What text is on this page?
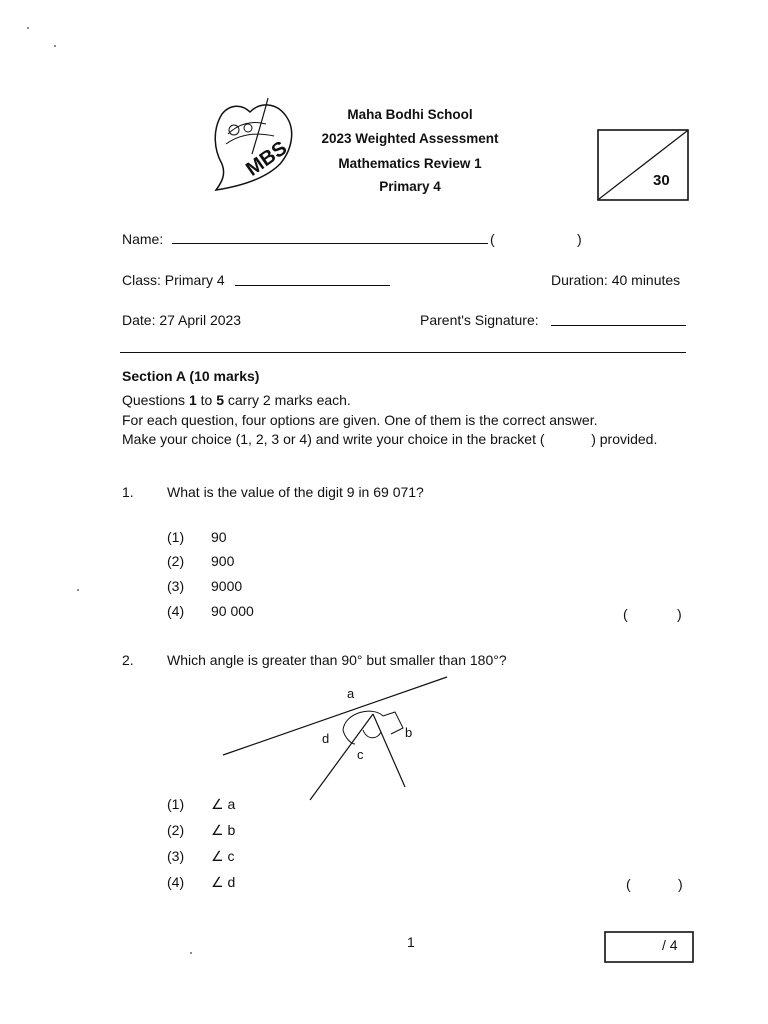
MBS
Maha Bodhi School
2023 Weighted Assessment
Mathematics Review 1
Primary 4	30
Name:	(	)
Class: Primary 4	Duration: 40 minutes
Date: 27 April 2023	Parent's Signature:
Section A (10 marks)
Questions 1 to 5 carry 2 marks each.
For each question, four options are given. One of them is the correct answer.
Make your choice (1, 2, 3 or 4) and write your choice in the bracket (            ) provided.
1. What is the value of the digit 9 in 69 071?
(1) 90
(2) 900
(3) 9000
(4) 90 000	(	)
2. Which angle is greater than 90° but smaller than 180°?
a
b
c
d
(1) ∠ a
(2) ∠ b
(3) ∠ c
(4) ∠ d	(	)
1	/ 4
